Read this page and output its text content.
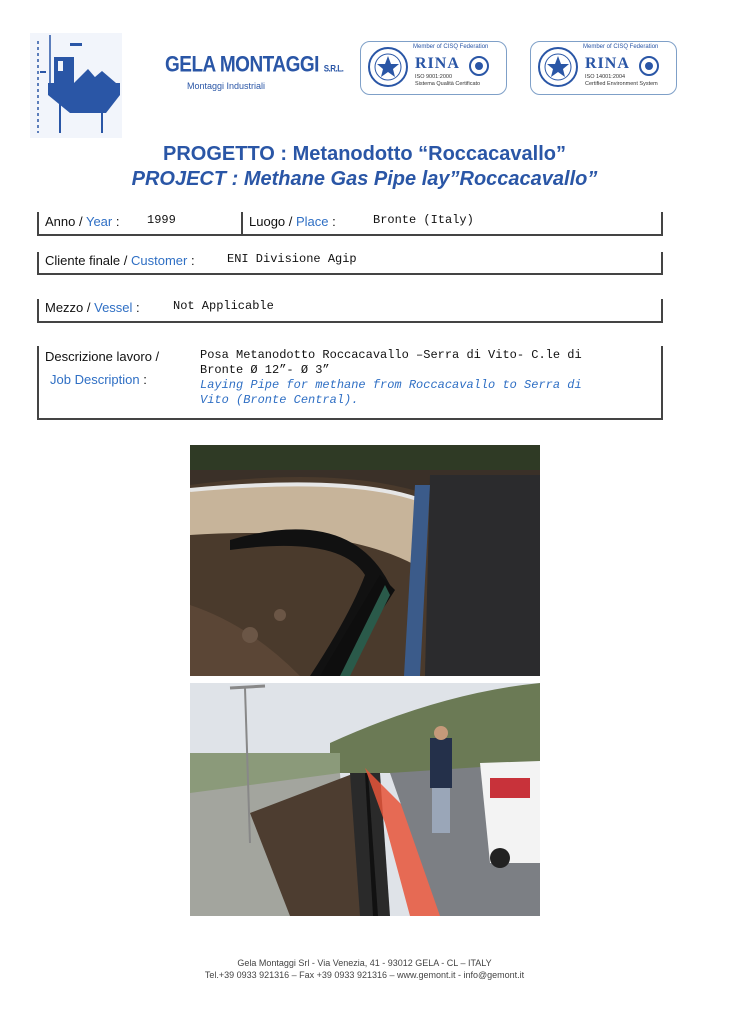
GELA MONTAGGI S.R.L.
Montaggi Industriali
Member of CISQ Federation
RINA
ISO 9001:2000
Sistema Qualità Certificato
Member of CISQ Federation
RINA
ISO 14001:2004
Certified Environment System
PROGETTO : Metanodotto “Roccacavallo”
PROJECT : Methane Gas Pipe lay”Roccacavallo”
Anno / Year : 1999	Luogo / Place :	Bronte (Italy)
Cliente finale / Customer :	ENI Divisione Agip
Mezzo / Vessel :	Not Applicable
Descrizione lavoro /
Job Description :
Posa Metanodotto Roccacavallo –Serra di Vito- C.le di
Bronte Ø 12”- Ø 3”
Laying Pipe for methane from Roccacavallo to Serra di
Vito (Bronte Central).
Gela Montaggi Srl - Via Venezia, 41 - 93012 GELA - CL – ITALY
Tel.+39 0933 921316 – Fax +39 0933 921316 – www.gemont.it - info@gemont.it
